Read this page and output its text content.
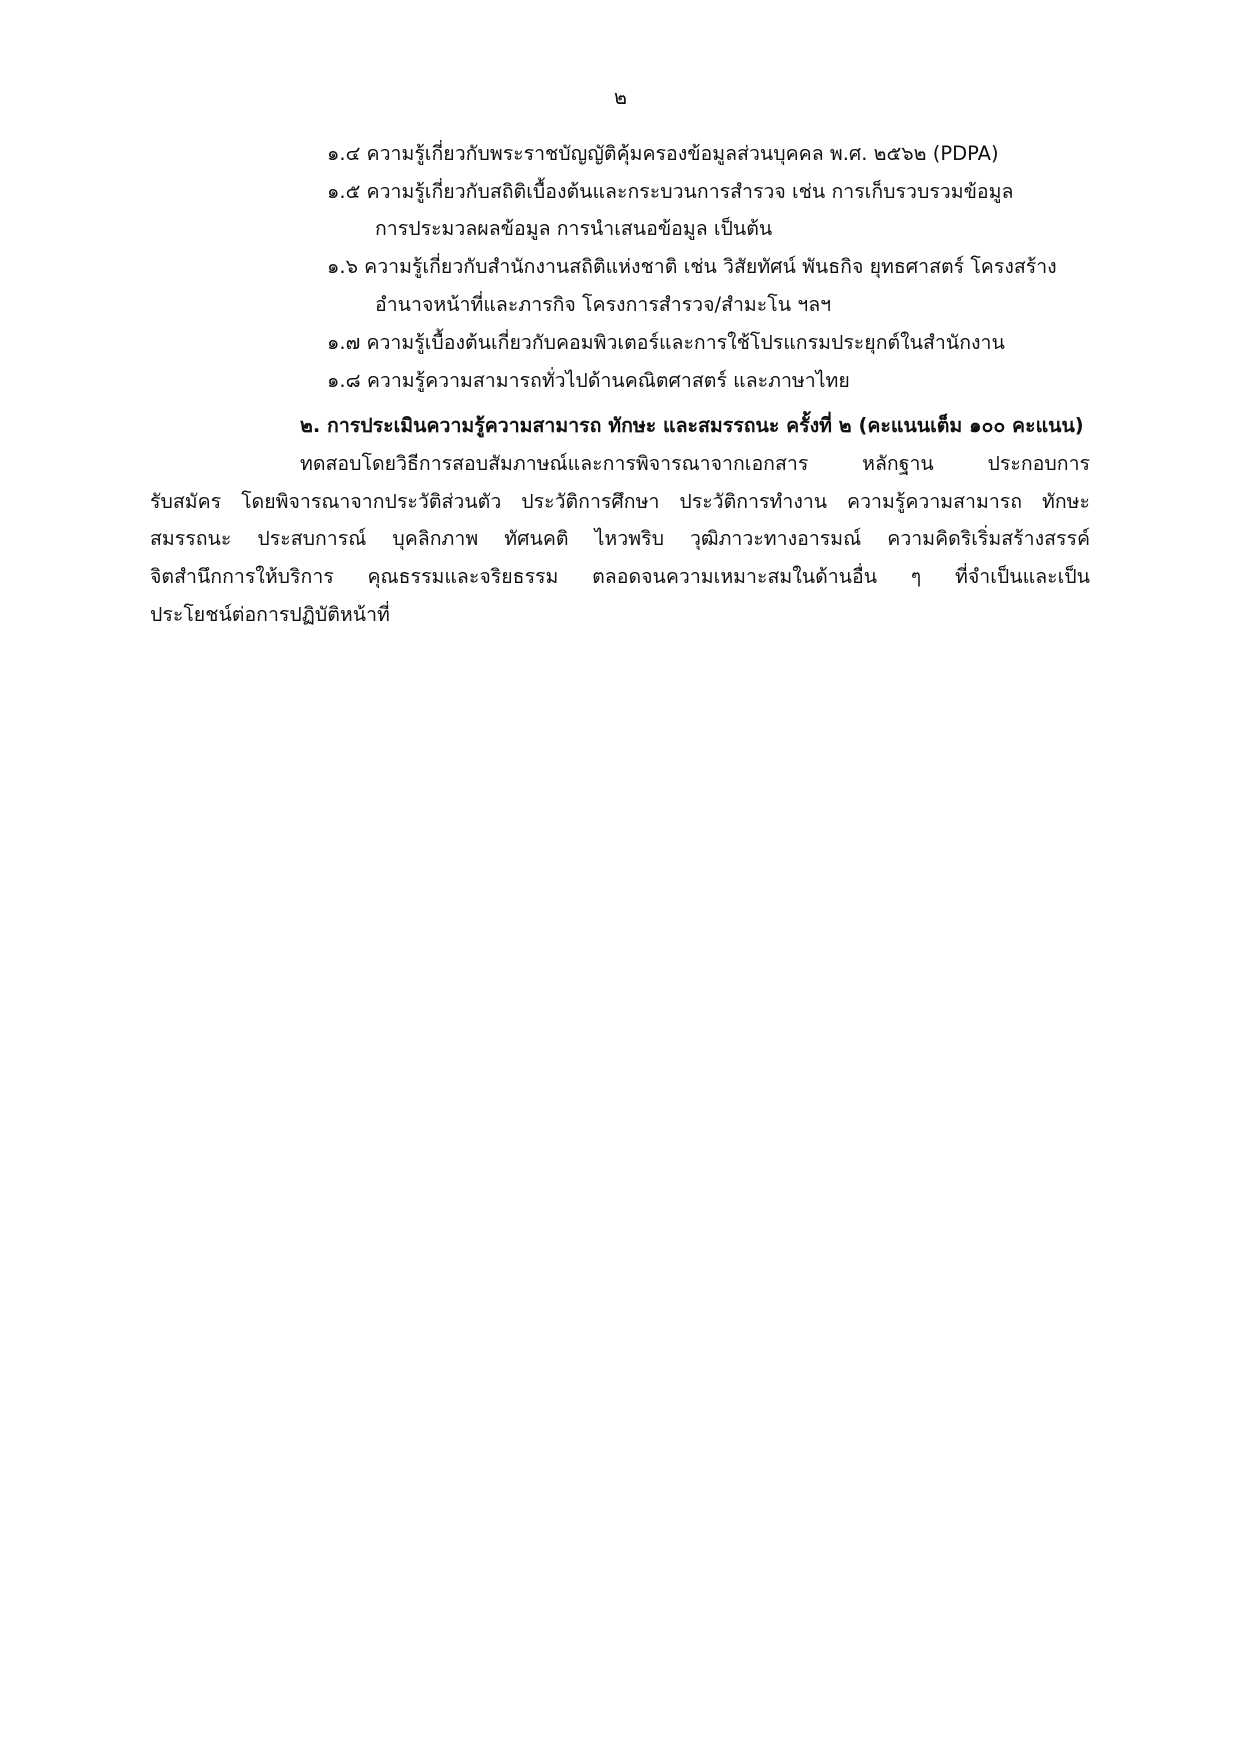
๒
๑.๔ ความรู้เกี่ยวกับพระราชบัญญัติคุ้มครองข้อมูลส่วนบุคคล พ.ศ. ๒๕๖๒ (PDPA)
๑.๕ ความรู้เกี่ยวกับสถิติเบื้องต้นและกระบวนการสำรวจ เช่น การเก็บรวบรวมข้อมูล
การประมวลผลข้อมูล การนำเสนอข้อมูล เป็นต้น
๑.๖ ความรู้เกี่ยวกับสำนักงานสถิติแห่งชาติ เช่น วิสัยทัศน์ พันธกิจ ยุทธศาสตร์ โครงสร้าง
อำนาจหน้าที่และภารกิจ โครงการสำรวจ/สำมะโน ฯลฯ
๑.๗ ความรู้เบื้องต้นเกี่ยวกับคอมพิวเตอร์และการใช้โปรแกรมประยุกต์ในสำนักงาน
๑.๘ ความรู้ความสามารถทั่วไปด้านคณิตศาสตร์ และภาษาไทย
๒. การประเมินความรู้ความสามารถ ทักษะ และสมรรถนะ ครั้งที่ ๒ (คะแนนเต็ม ๑๐๐ คะแนน)
ทดสอบโดยวิธีการสอบสัมภาษณ์และการพิจารณาจากเอกสาร หลักฐาน ประกอบการ
รับสมัคร โดยพิจารณาจากประวัติส่วนตัว ประวัติการศึกษา ประวัติการทำงาน ความรู้ความสามารถ ทักษะ
สมรรถนะ ประสบการณ์ บุคลิกภาพ ทัศนคติ ไหวพริบ วุฒิภาวะทางอารมณ์ ความคิดริเริ่มสร้างสรรค์
จิตสำนึกการให้บริการ คุณธรรมและจริยธรรม ตลอดจนความเหมาะสมในด้านอื่น ๆ ที่จำเป็นและเป็น
ประโยชน์ต่อการปฏิบัติหน้าที่
